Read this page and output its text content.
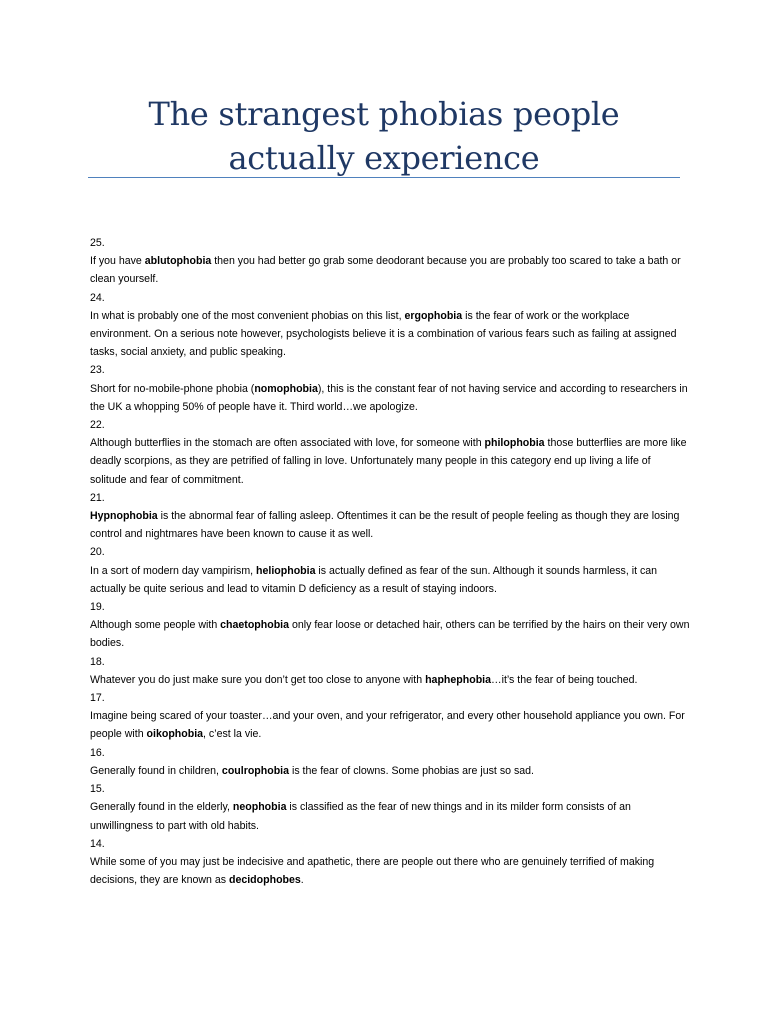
The strangest phobias people actually experience
25.
If you have ablutophobia then you had better go grab some deodorant because you are probably too scared to take a bath or clean yourself.
24.
In what is probably one of the most convenient phobias on this list, ergophobia is the fear of work or the workplace environment. On a serious note however, psychologists believe it is a combination of various fears such as failing at assigned tasks, social anxiety, and public speaking.
23.
Short for no-mobile-phone phobia (nomophobia), this is the constant fear of not having service and according to researchers in the UK a whopping 50% of people have it. Third world…we apologize.
22.
Although butterflies in the stomach are often associated with love, for someone with philophobia those butterflies are more like deadly scorpions, as they are petrified of falling in love. Unfortunately many people in this category end up living a life of solitude and fear of commitment.
21.
Hypnophobia is the abnormal fear of falling asleep. Oftentimes it can be the result of people feeling as though they are losing control and nightmares have been known to cause it as well.
20.
In a sort of modern day vampirism, heliophobia is actually defined as fear of the sun. Although it sounds harmless, it can actually be quite serious and lead to vitamin D deficiency as a result of staying indoors.
19.
Although some people with chaetophobia only fear loose or detached hair, others can be terrified by the hairs on their very own bodies.
18.
Whatever you do just make sure you don’t get too close to anyone with haphephobia…it’s the fear of being touched.
17.
Imagine being scared of your toaster…and your oven, and your refrigerator, and every other household appliance you own. For people with oikophobia, c’est la vie.
16.
Generally found in children, coulrophobia is the fear of clowns. Some phobias are just so sad.
15.
Generally found in the elderly, neophobia is classified as the fear of new things and in its milder form consists of an unwillingness to part with old habits.
14.
While some of you may just be indecisive and apathetic, there are people out there who are genuinely terrified of making decisions, they are known as decidophobes.
